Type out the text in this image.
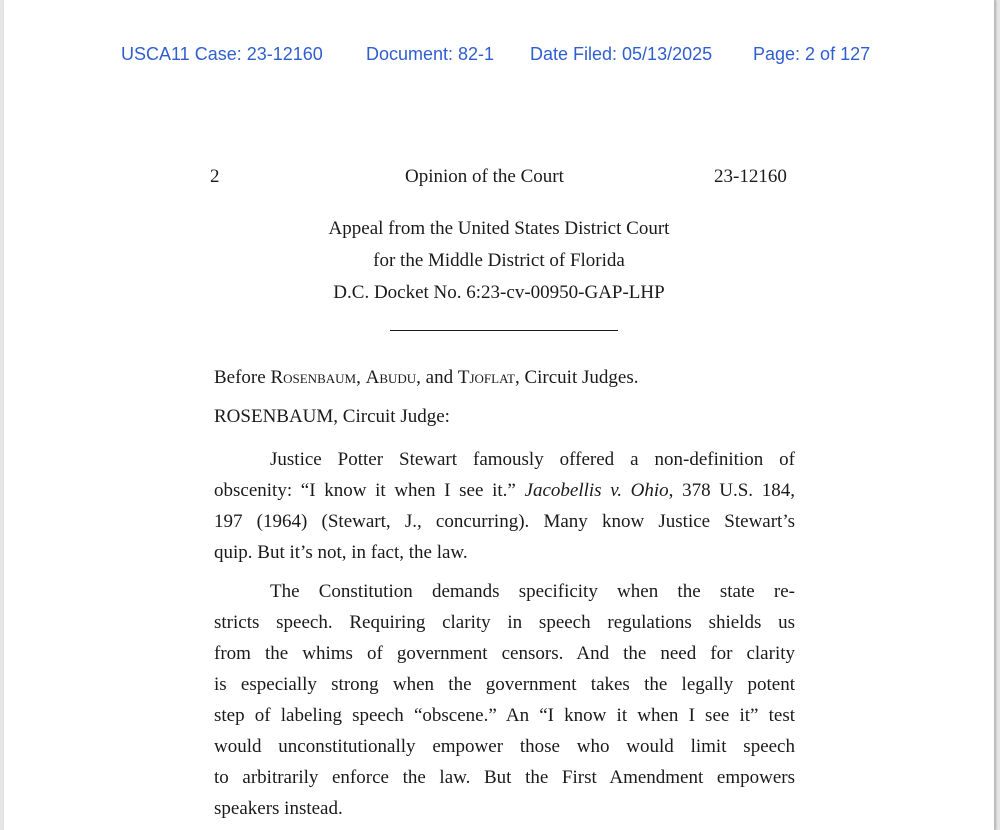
USCA11 Case: 23-12160 Document: 82-1 Date Filed: 05/13/2025 Page: 2 of 127
2	Opinion of the Court	23-12160
Appeal from the United States District Court
for the Middle District of Florida
D.C. Docket No. 6:23-cv-00950-GAP-LHP
Before Rosenbaum, Abudu, and Tjoflat, Circuit Judges.
ROSENBAUM, Circuit Judge:
Justice Potter Stewart famously offered a non-definition of
obscenity: “I know it when I see it.” Jacobellis v. Ohio, 378 U.S. 184,
197 (1964) (Stewart, J., concurring). Many know Justice Stewart’s
quip. But it’s not, in fact, the law.
The Constitution demands specificity when the state re-
stricts speech. Requiring clarity in speech regulations shields us
from the whims of government censors. And the need for clarity
is especially strong when the government takes the legally potent
step of labeling speech “obscene.” An “I know it when I see it” test
would unconstitutionally empower those who would limit speech
to arbitrarily enforce the law. But the First Amendment empowers
speakers instead.
